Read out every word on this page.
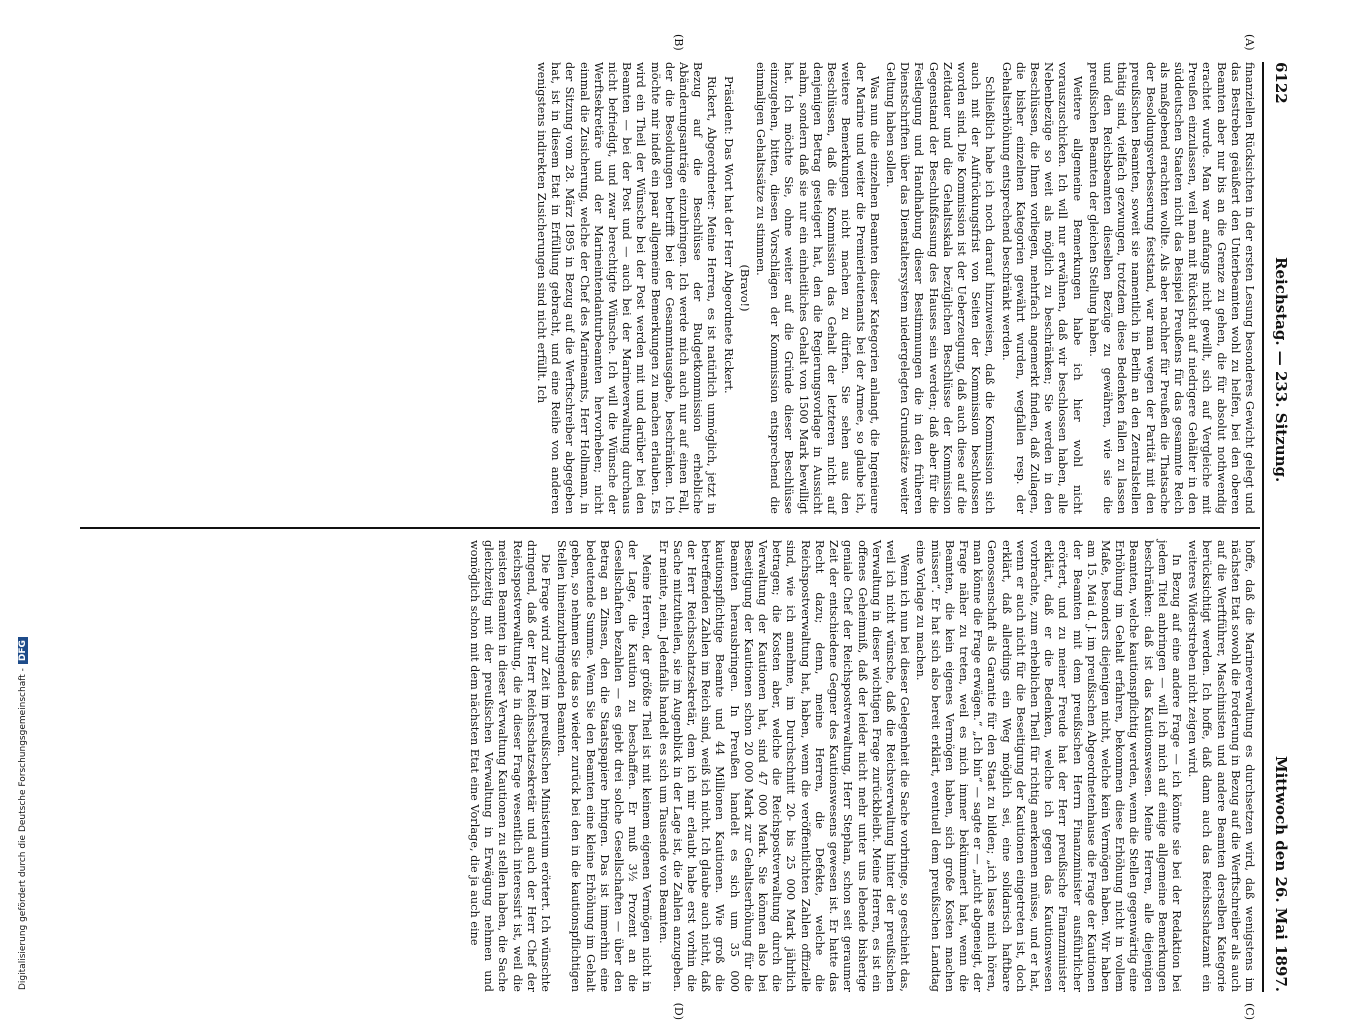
6122
Reichstag. — 233. Sitzung.
Mittwoch den 26. Mai 1897.
(A)
(B)
(C)
(D)

finanziellen Rücksichten in der ersten Lesung besonderes Gewicht gelegt und das Bestreben geäußert den Unterbeamten wohl zu helfen, bei den oberen Beamten aber nur bis an die Grenze zu gehen, die für absolut nothwendig erachtet wurde. Man war anfangs nicht gewillt, sich auf Vergleiche mit Preußen einzulassen, weil man mit Rücksicht auf niedrigere Gehälter in den süddeutschen Staaten nicht das Beispiel Preußens für das gesammte Reich als maßgebend erachten wollte. Als aber nachher für Preußen die Thatsache der Besoldungsverbesserung feststand, war man wegen der Parität mit den preußischen Beamten, soweit sie namentlich in Berlin an den Zentralstellen thätig sind, vielfach gezwungen, trotzdem diese Bedenken fallen zu lassen und den Reichsbeamten dieselben Bezüge zu gewähren, wie sie die preußischen Beamten der gleichen Stellung haben.

Weitere allgemeine Bemerkungen habe ich hier wohl nicht vorauszuschicken. Ich will nur erwähnen, daß wir beschlossen haben, alle Nebenbezüge so weit als möglich zu beschränken; Sie werden in den Beschlüssen, die Ihnen vorliegen, mehrfach angemerkt finden, daß Zulagen, die bisher einzelnen Kategorien gewährt wurden, wegfallen resp. der Gehaltserhöhung entsprechend beschränkt werden.

Schließlich habe ich noch darauf hinzuweisen, daß die Kommission sich auch mit der Aufrückungsfrist von Seiten der Kommission beschlossen worden sind. Die Kommission ist der Ueberzeugung, daß auch diese auf die Zeitdauer und die Gehaltsskala bezüglichen Beschlüsse der Kommission Gegenstand der Beschlußfassung des Hauses sein werden; daß aber für die Festlegung und Handhabung dieser Bestimmungen die in den früheren Dienstschriften über das Dienstaltersystem niedergelegten Grundsätze weiter Geltung haben sollen.

Was nun die einzelnen Beamten dieser Kategorien anlangt, die Ingenieure der Marine und weiter die Premierleutenants bei der Armee, so glaube ich, weitere Bemerkungen nicht machen zu dürfen. Sie sehen aus den Beschlüssen, daß die Kommission das Gehalt der letzteren nicht auf denjenigen Betrag gesteigert hat, den die Regierungsvorlage in Aussicht nahm, sondern daß sie nur ein einheitliches Gehalt von 1500 Mark bewilligt hat. Ich möchte Sie, ohne weiter auf die Gründe dieser Beschlüsse einzugehen, bitten, diesen Vorschlägen der Kommission entsprechend die einmaligen Gehaltssätze zu stimmen.

(Bravo!)

Präsident: Das Wort hat der Herr Abgeordnete Rickert.

Rickert, Abgeordneter: Meine Herren, es ist natürlich unmöglich, jetzt in Bezug auf die Beschlüsse der Budgetkommission erhebliche Abänderungsanträge einzubringen. Ich werde mich auch nur auf einen Fall, der die Besoldungen betrifft bei der Gesammtausgabe, beschränken. Ich möchte mir indeß ein paar allgemeine Bemerkungen zu machen erlauben. Es wird ein Theil der Wünsche bei der Post werden mit und darüber bei den Beamten — bei der Post und — auch bei der Marineverwaltung durchaus nicht befriedigt, und zwar berechtigte Wünsche. Ich will die Wünsche der Werftsekretäre und der Marineintendanturbeamten hervorheben; nicht einmal die Zusicherung, welche der Chef des Marineamts, Herr Hollmann, in der Sitzung vom 28. März 1895 in Bezug auf die Werftschreiber abgegeben hat, ist in diesem Etat in Erfüllung gebracht, und eine Reihe von anderen wenigstens indirekten Zusicherungen sind nicht erfüllt. Ich

hoffe, daß die Marineverwaltung es durchsetzen wird, daß wenigstens im nächsten Etat sowohl die Forderung in Bezug auf die Werftschreiber als auch auf die Werftführer, Maschinisten und andere Beamten derselben Kategorie berücksichtigt werden. Ich hoffe, daß dann auch das Reichsschatzamt ein weiteres Widerstreben nicht zeigen wird.

In Bezug auf eine andere Frage — ich könnte sie bei der Redaktion bei jedem Titel anbringen — will ich mich auf einige allgemeine Bemerkungen beschränken: daß ist das Kautionswesen. Meine Herren, alle diejenigen Beamten, welche kautionspflichtig werden, wenn die Stellen gegenwärtig eine Erhöhung im Gehalt erfahren, bekommen diese Erhöhung nicht in vollem Maße, besonders diejenigen nicht, welche kein Vermögen haben. Wir haben am 15. Mai d. J. im preußischen Abgeordnetenhause die Frage der Kautionen der Beamten mit dem preußischen Herrn Finanzminister ausführlicher erörtert, und zu meiner Freude hat der Herr preußische Finanzminister erklärt, daß er die Bedenken, welche ich gegen das Kautionswesen vorbrachte, zum erheblichen Theil für richtig anerkennen müsse, und er hat, wenn er auch nicht für die Beseitigung der Kautionen eingetreten ist, doch erklärt, daß allerdings ein Weg möglich sei, eine solidarisch haftbare Genossenschaft als Garantie für den Staat zu bilden; „ich lasse mich hören, man könne die Frage erwägen.“ „Ich bin“ — sagte er — „nicht abgeneigt, der Frage näher zu treten, weil es mich immer bekümmert hat, wenn die Beamten, die kein eigenes Vermögen haben, sich große Kosten machen müssen“. Er hat sich also bereit erklärt, eventuell dem preußischen Landtag eine Vorlage zu machen.

Wenn ich nun bei dieser Gelegenheit die Sache vorbringe, so geschieht das, weil ich nicht wünsche, daß die Reichsverwaltung hinter der preußischen Verwaltung in dieser wichtigen Frage zurückbleibt. Meine Herren, es ist ein offenes Geheimniß, daß der leider nicht mehr unter uns lebende bisherige geniale Chef der Reichspostverwaltung, Herr Stephan, schon seit geraumer Zeit der entschiedene Gegner des Kautionswesens gewesen ist. Er hatte das Recht dazu; denn, meine Herren, die Defekte, welche die Reichspostverwaltung hat, haben, wenn die veröffentlichten Zahlen offizielle sind, wie ich annehme, im Durchschnitt 20- bis 25 000 Mark jährlich betragen; die Kosten aber, welche die Reichspostverwaltung durch die Verwaltung der Kautionen hat, sind 47 000 Mark. Sie können also bei Beseitigung der Kautionen schon 20 000 Mark zur Gehaltserhöhung für die Beamten herausbringen. In Preußen handelt es sich um 35 000 kautionspflichtige Beamte und 44 Millionen Kautionen. Wie groß die betreffenden Zahlen im Reich sind, weiß ich nicht. Ich glaube auch nicht, daß der Herr Reichsschatzsekretär, dem ich mir erlaubt habe erst vorhin die Sache mitzutheilen, sie im Augenblick in der Lage ist, die Zahlen anzugeben. Er meinte, nein. Jedenfalls handelt es sich um Tausende von Beamten.

Meine Herren, der größte Theil ist mit keinem eigenen Vermögen nicht in der Lage, die Kaution zu beschaffen. Er muß 3½ Prozent an die Gesellschaften bezahlen — es giebt drei solche Gesellschaften — über den Betrag an Zinsen, den die Staatspapiere bringen. Das ist immerhin eine bedeutende Summe. Wenn Sie den Beamten eine kleine Erhöhung im Gehalt geben, so nehmen Sie das so wieder zurück bei den in die kautionspflichtigen Stellen hineinzubringenden Beamten.

Die Frage wird zur Zeit im preußischen Ministerium erörtert. Ich wünschte dringend, daß der Herr Reichsschatzsekretär und auch der Herr Chef der Reichspostverwaltung, die in dieser Frage wesentlich interessirt ist, weil die meisten Beamten in dieser Verwaltung Kautionen zu stellen haben, die Sache gleichzeitig mit der preußischen Verwaltung in Erwägung nehmen und womöglich schon mit dem nächsten Etat eine Vorlage, die ja auch eine

Digitalisierung gefördert durch die Deutsche Forschungsgemeinschaft -DFG
